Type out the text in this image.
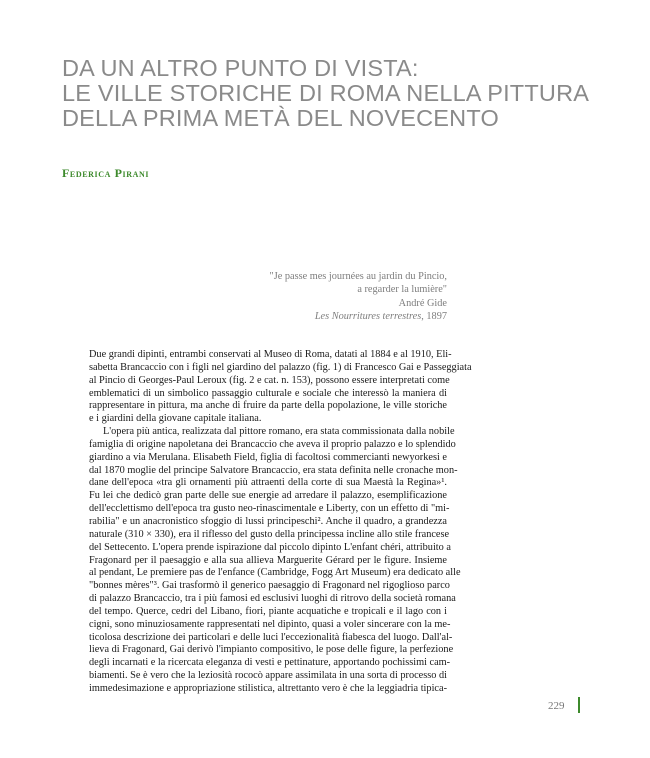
DA UN ALTRO PUNTO DI VISTA:
LE VILLE STORICHE DI ROMA NELLA PITTURA
DELLA PRIMA METÀ DEL NOVECENTO

Federica Pirani

"Je passe mes journées au jardin du Pincio,
a regarder la lumière"
André Gide
Les Nourritures terrestres, 1897
Due grandi dipinti, entrambi conservati al Museo di Roma, datati al 1884 e al 1910, Eli-
sabetta Brancaccio con i figli nel giardino del palazzo (fig. 1) di Francesco Gai e Passeggiata
al Pincio di Georges-Paul Leroux (fig. 2 e cat. n. 153), possono essere interpretati come
emblematici di un simbolico passaggio culturale e sociale che interessò la maniera di
rappresentare in pittura, ma anche di fruire da parte della popolazione, le ville storiche
e i giardini della giovane capitale italiana.
L'opera più antica, realizzata dal pittore romano, era stata commissionata dalla nobile
famiglia di origine napoletana dei Brancaccio che aveva il proprio palazzo e lo splendido
giardino a via Merulana. Elisabeth Field, figlia di facoltosi commercianti newyorkesi e
dal 1870 moglie del principe Salvatore Brancaccio, era stata definita nelle cronache mon-
dane dell'epoca «tra gli ornamenti più attraenti della corte di sua Maestà la Regina»¹.
Fu lei che dedicò gran parte delle sue energie ad arredare il palazzo, esemplificazione
dell'ecclettismo dell'epoca tra gusto neo-rinascimentale e Liberty, con un effetto di "mi-
rabilia" e un anacronistico sfoggio di lussi principeschi². Anche il quadro, a grandezza
naturale (310 × 330), era il riflesso del gusto della principessa incline allo stile francese
del Settecento. L'opera prende ispirazione dal piccolo dipinto L'enfant chéri, attribuito a
Fragonard per il paesaggio e alla sua allieva Marguerite Gérard per le figure. Insieme
al pendant, Le premiere pas de l'enfance (Cambridge, Fogg Art Museum) era dedicato alle
"bonnes mères"³. Gai trasformò il generico paesaggio di Fragonard nel rigoglioso parco
di palazzo Brancaccio, tra i più famosi ed esclusivi luoghi di ritrovo della società romana
del tempo. Querce, cedri del Libano, fiori, piante acquatiche e tropicali e il lago con i
cigni, sono minuziosamente rappresentati nel dipinto, quasi a voler sincerare con la me-
ticolosa descrizione dei particolari e delle luci l'eccezionalità fiabesca del luogo. Dall'al-
lieva di Fragonard, Gai derivò l'impianto compositivo, le pose delle figure, la perfezione
degli incarnati e la ricercata eleganza di vesti e pettinature, apportando pochissimi cam-
biamenti. Se è vero che la leziosità rococò appare assimilata in una sorta di processo di
immedesimazione e appropriazione stilistica, altrettanto vero è che la leggiadria tipica-
229
